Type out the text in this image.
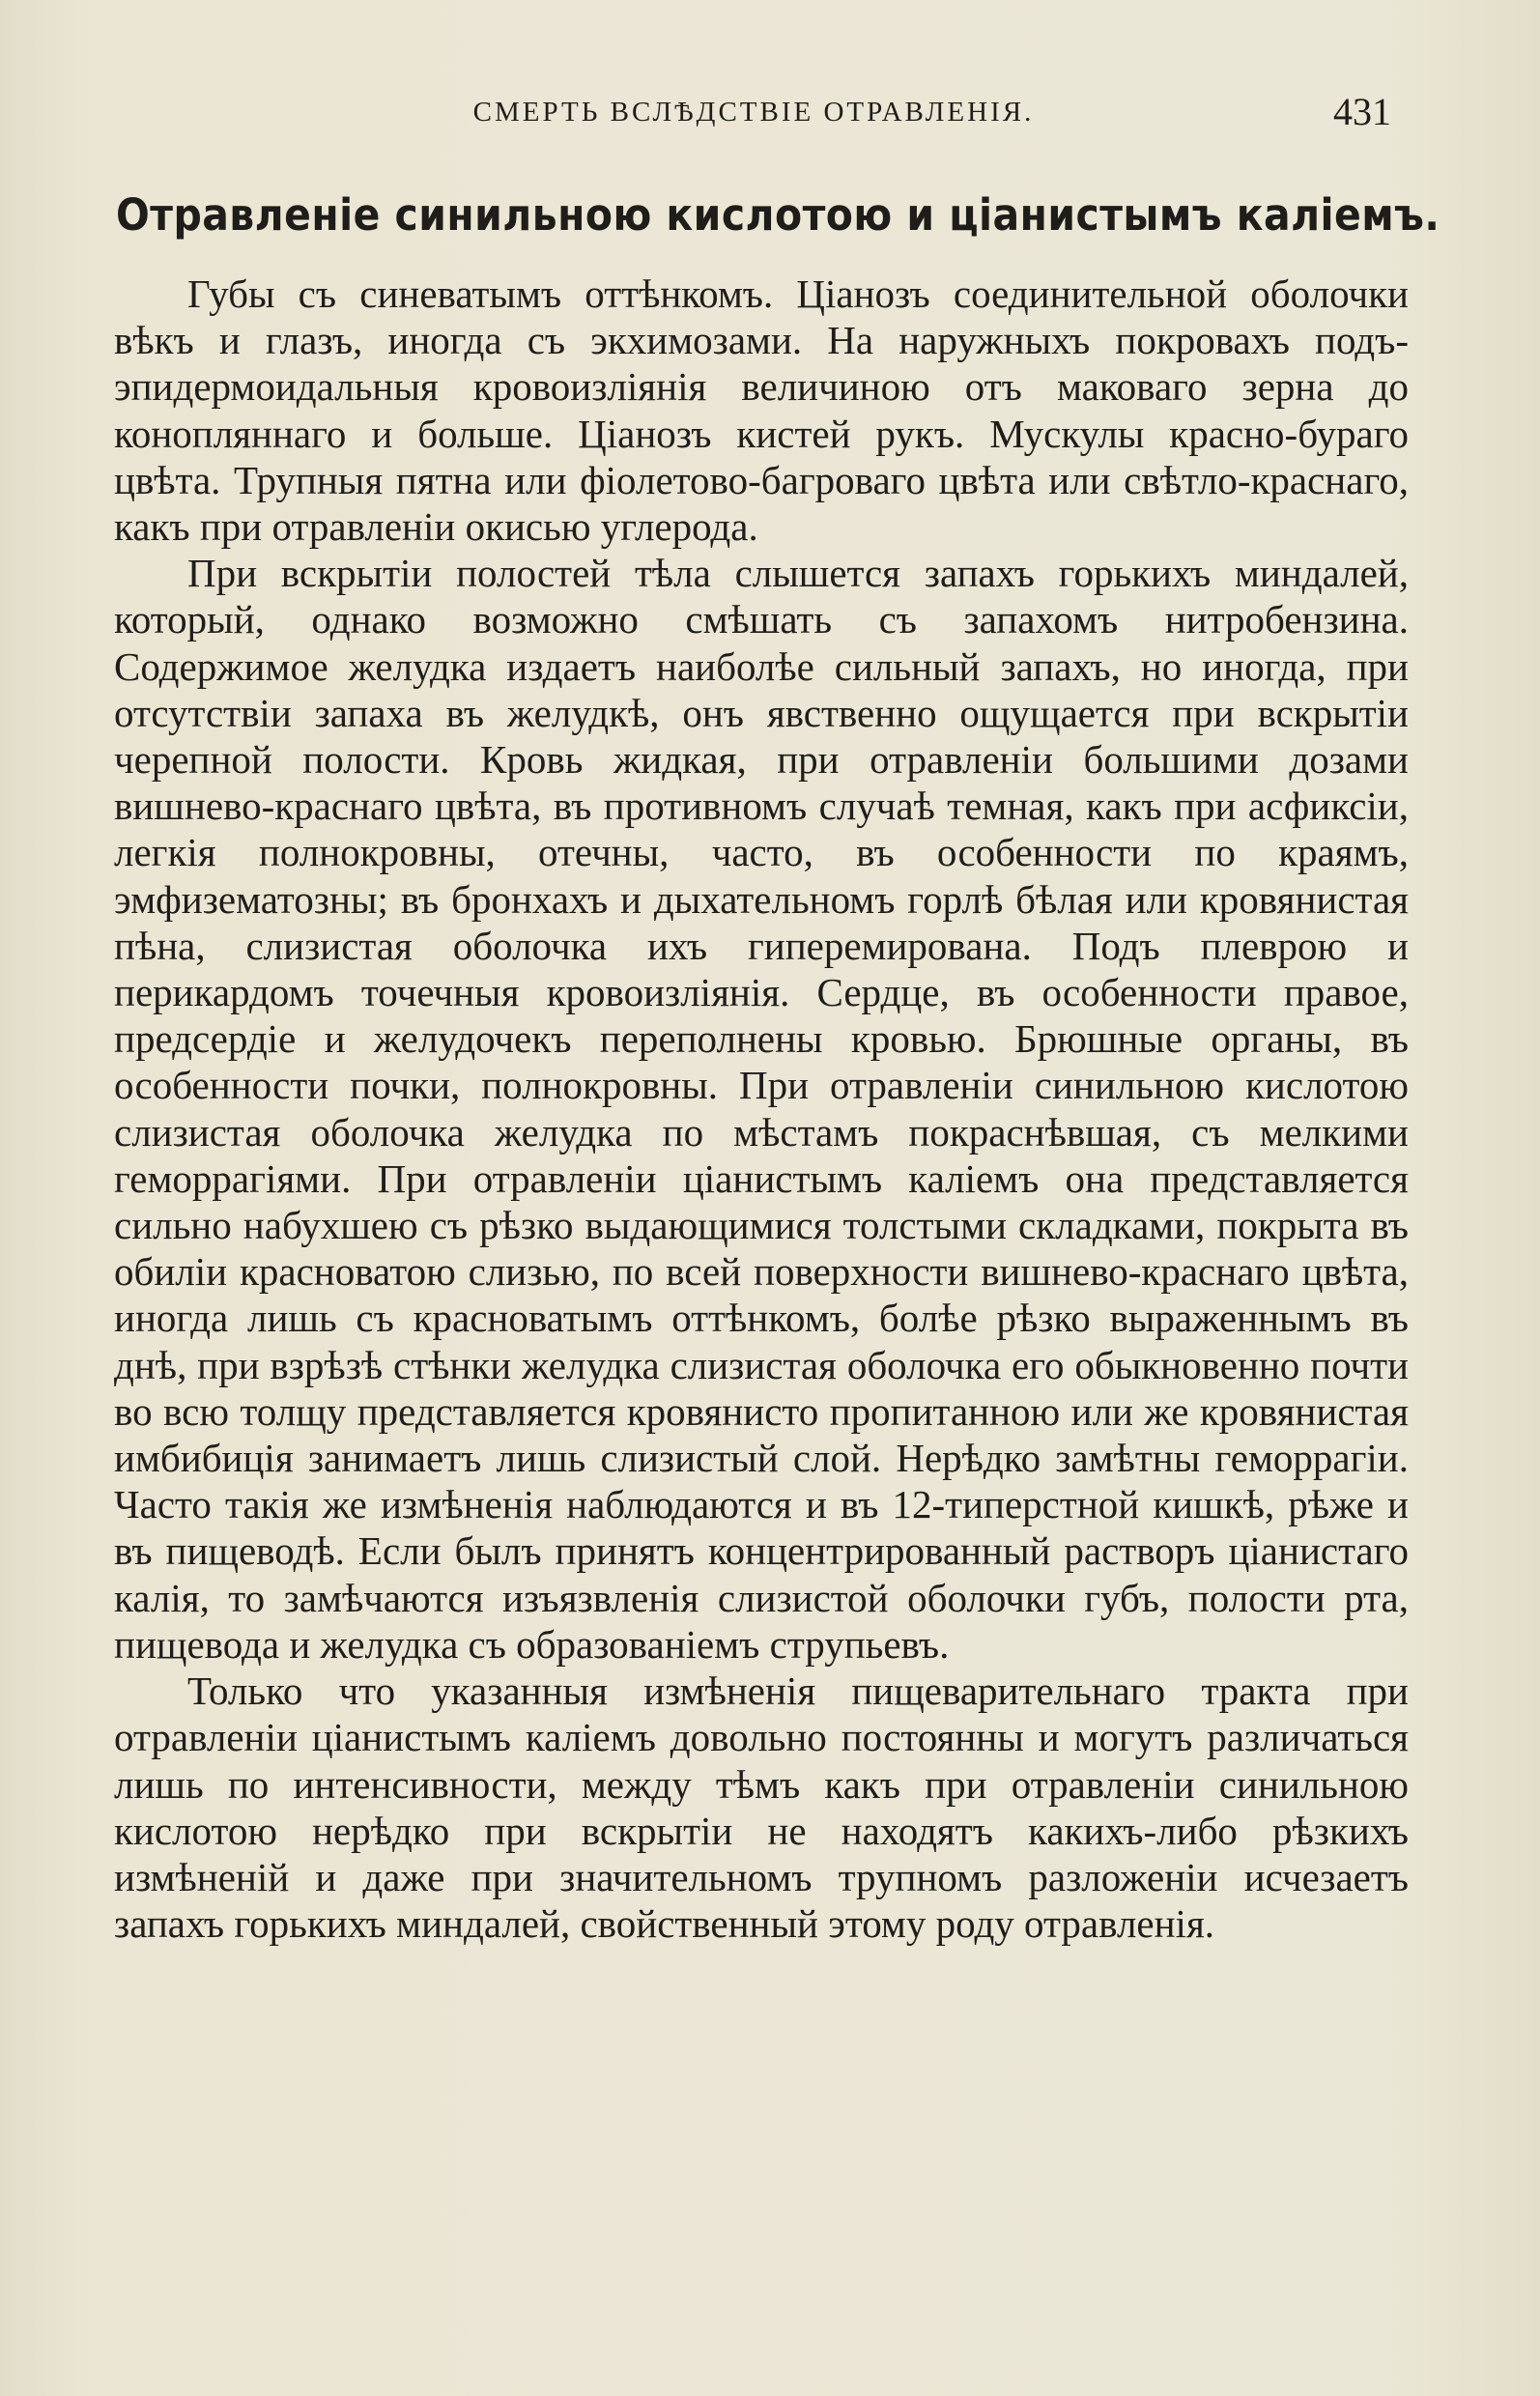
СМЕРТЬ ВСЛѢДСТВІЕ ОТРАВЛЕНІЯ.	431
Отравленіе синильною кислотою и ціанистымъ каліемъ.

Губы съ синеватымъ оттѣнкомъ. Ціанозъ соединительной оболочки вѣкъ и глазъ, иногда съ экхимозами. На наружныхъ покровахъ подъ-эпидермоидальныя кровоизліянія величиною отъ маковаго зерна до конопляннаго и больше. Ціанозъ кистей рукъ. Мускулы красно-бураго цвѣта. Трупныя пятна или фіолетово-багроваго цвѣта или свѣтло-краснаго, какъ при отравленіи окисью углерода.

При вскрытіи полостей тѣла слышется запахъ горькихъ миндалей, который, однако возможно смѣшать съ запахомъ нитробензина. Содержимое желудка издаетъ наиболѣе сильный запахъ, но иногда, при отсутствіи запаха въ желудкѣ, онъ явственно ощущается при вскрытіи черепной полости. Кровь жидкая, при отравленіи большими дозами вишнево-краснаго цвѣта, въ противномъ случаѣ темная, какъ при асфиксіи, легкія полнокровны, отечны, часто, въ особенности по краямъ, эмфизематозны; въ бронхахъ и дыхательномъ горлѣ бѣлая или кровянистая пѣна, слизистая оболочка ихъ гиперемирована. Подъ плеврою и перикардомъ точечныя кровоизліянія. Сердце, въ особенности правое, предсердіе и желудочекъ переполнены кровью. Брюшные органы, въ особенности почки, полнокровны. При отравленіи синильною кислотою слизистая оболочка желудка по мѣстамъ покраснѣвшая, съ мелкими геморрагіями. При отравленіи ціанистымъ каліемъ она представляется сильно набухшею съ рѣзко выдающимися толстыми складками, покрыта въ обиліи красноватою слизью, по всей поверхности вишнево-краснаго цвѣта, иногда лишь съ красноватымъ оттѣнкомъ, болѣе рѣзко выраженнымъ въ днѣ, при взрѣзѣ стѣнки желудка слизистая оболочка его обыкновенно почти во всю толщу представляется кровянисто пропитанною или же кровянистая имбибиція занимаетъ лишь слизистый слой. Нерѣдко замѣтны геморрагіи. Часто такія же измѣненія наблюдаются и въ 12-типерстной кишкѣ, рѣже и въ пищеводѣ. Если былъ принятъ концентрированный растворъ ціанистаго калія, то замѣчаются изъязвленія слизистой оболочки губъ, полости рта, пищевода и желудка съ образованіемъ струпьевъ.

Только что указанныя измѣненія пищеварительнаго тракта при отравленіи ціанистымъ каліемъ довольно постоянны и могутъ различаться лишь по интенсивности, между тѣмъ какъ при отравленіи синильною кислотою нерѣдко при вскрытіи не находятъ какихъ-либо рѣзкихъ измѣненій и даже при значительномъ трупномъ разложеніи исчезаетъ запахъ горькихъ миндалей, свойственный этому роду отравленія.
